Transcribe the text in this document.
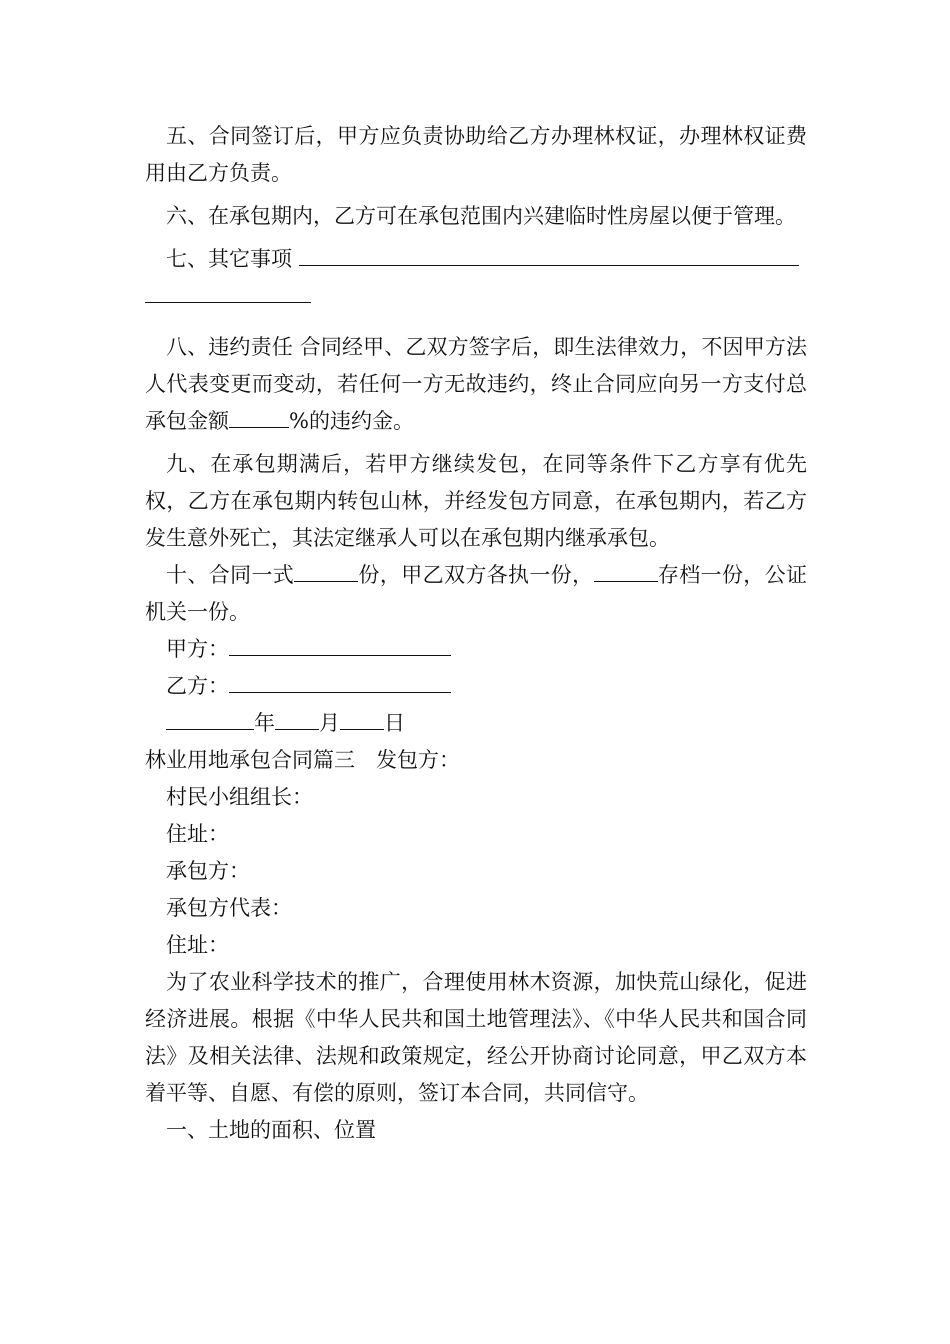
五、合同签订后，甲方应负责协助给乙方办理林权证，办理林权证费用由乙方负责。

六、在承包期内，乙方可在承包范围内兴建临时性房屋以便于管理。

七、其它事项

八、违约责任 合同经甲、乙双方签字后，即生法律效力，不因甲方法人代表变更而变动，若任何一方无故违约，终止合同应向另一方支付总承包金额	%的违约金。

九、在承包期满后，若甲方继续发包，在同等条件下乙方享有优先权，乙方在承包期内转包山林，并经发包方同意，在承包期内，若乙方发生意外死亡，其法定继承人可以在承包期内继承承包。

十、合同一式	份，甲乙双方各执一份，	存档一份，公证机关一份。

甲方：

乙方：

年 月 日

林业用地承包合同篇三　发包方：

村民小组组长：

住址：

承包方：

承包方代表：

住址：

为了农业科学技术的推广，合理使用林木资源，加快荒山绿化，促进经济进展。根据《中华人民共和国土地管理法》、《中华人民共和国合同法》及相关法律、法规和政策规定，经公开协商讨论同意，甲乙双方本着平等、自愿、有偿的原则，签订本合同，共同信守。

一、土地的面积、位置
